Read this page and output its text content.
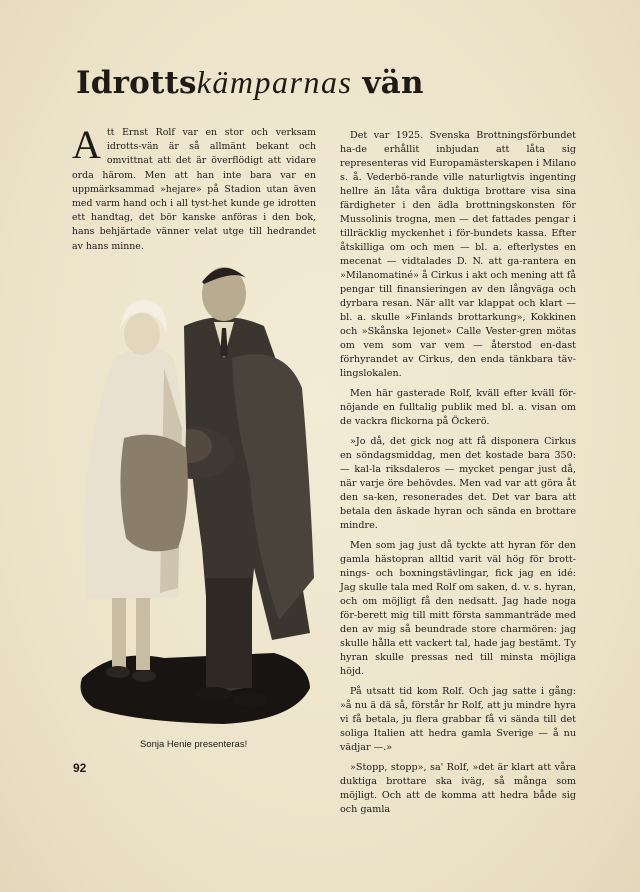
Idrottskämparnas vän

Att Ernst Rolf var en stor och verksam idrotts-vän är så allmänt bekant och omvittnat att det är överflödigt att vidare orda härom. Men att han inte bara var en uppmärksammad »hejare» på Stadion utan även med varm hand och i all tyst-het kunde ge idrotten ett handtag, det bör kanske anföras i den bok, hans behjärtade vänner velat utge till hedrandet av hans minne.

Sonja Henie presenteras!

Det var 1925. Svenska Brottningsförbundet ha-de erhållit inbjudan att låta sig representeras vid Europamästerskapen i Milano s. å. Vederbö-rande ville naturligtvis ingenting hellre än låta våra duktiga brottare visa sina färdigheter i den ädla brottningskonsten för Mussolinis trogna, men — det fattades pengar i tillräcklig myckenhet i för-bundets kassa. Efter åtskilliga om och men — bl. a. efterlystes en mecenat — vidtalades D. N. att ga-rantera en »Milanomatiné» å Cirkus i akt och mening att få pengar till finansieringen av den långväga och dyrbara resan. När allt var klappat och klart — bl. a. skulle »Finlands brottarkung», Kokkinen och »Skånska lejonet» Calle Vester-gren mötas om vem som var vem — återstod en-dast förhyrandet av Cirkus, den enda tänkbara täv-lingslokalen.

Men här gasterade Rolf, kväll efter kväll för-nöjande en fulltalig publik med bl. a. visan om de vackra flickorna på Öckerö.

»Jo då, det gick nog att få disponera Cirkus en söndagsmiddag, men det kostade bara 350:— kal-la riksdaleros — mycket pengar just då, när varje öre behövdes. Men vad var att göra åt den sa-ken, resonerades det. Det var bara att betala den äskade hyran och sända en brottare mindre.

Men som jag just då tyckte att hyran för den gamla hästopran alltid varit väl hög för brott-nings- och boxningstävlingar, fick jag en idé: Jag skulle tala med Rolf om saken, d. v. s. hyran, och om möjligt få den nedsatt. Jag hade noga för-berett mig till mitt första sammanträde med den av mig så beundrade store charmören: jag skulle hålla ett vackert tal, hade jag bestämt. Ty hyran skulle pressas ned till minsta möjliga höjd.

På utsatt tid kom Rolf. Och jag satte i gång: »å nu ä dä så, förstår hr Rolf, att ju mindre hyra vi få betala, ju flera grabbar få vi sända till det soliga Italien att hedra gamla Sverige — å nu vädjar —.»

»Stopp, stopp», sa' Rolf, »det är klart att våra duktiga brottare ska iväg, så många som möjligt. Och att de komma att hedra både sig och gamla

92
